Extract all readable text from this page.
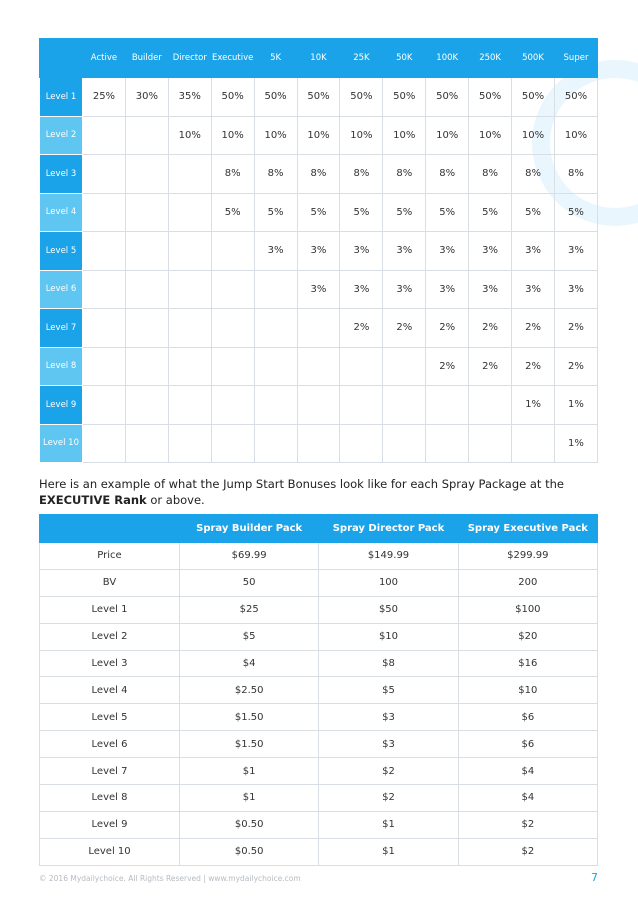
	Active	Builder	Director	Executive	5K	10K	25K	50K	100K	250K	500K	Super
Level 1	25%	30%	35%	50%	50%	50%	50%	50%	50%	50%	50%	50%
Level 2			10%	10%	10%	10%	10%	10%	10%	10%	10%	10%
Level 3				8%	8%	8%	8%	8%	8%	8%	8%	8%
Level 4				5%	5%	5%	5%	5%	5%	5%	5%	5%
Level 5					3%	3%	3%	3%	3%	3%	3%	3%
Level 6						3%	3%	3%	3%	3%	3%	3%
Level 7							2%	2%	2%	2%	2%	2%
Level 8									2%	2%	2%	2%
Level 9											1%	1%
Level 10												1%
Here is an example of what the Jump Start Bonuses look like for each Spray Package at the
EXECUTIVE Rank or above.
	Spray Builder Pack	Spray Director Pack	Spray Executive Pack
Price	$69.99	$149.99	$299.99
BV	50	100	200
Level 1	$25	$50	$100
Level 2	$5	$10	$20
Level 3	$4	$8	$16
Level 4	$2.50	$5	$10
Level 5	$1.50	$3	$6
Level 6	$1.50	$3	$6
Level 7	$1	$2	$4
Level 8	$1	$2	$4
Level 9	$0.50	$1	$2
Level 10	$0.50	$1	$2
© 2016 Mydailychoice. All Rights Reserved | www.mydailychoice.com	7
